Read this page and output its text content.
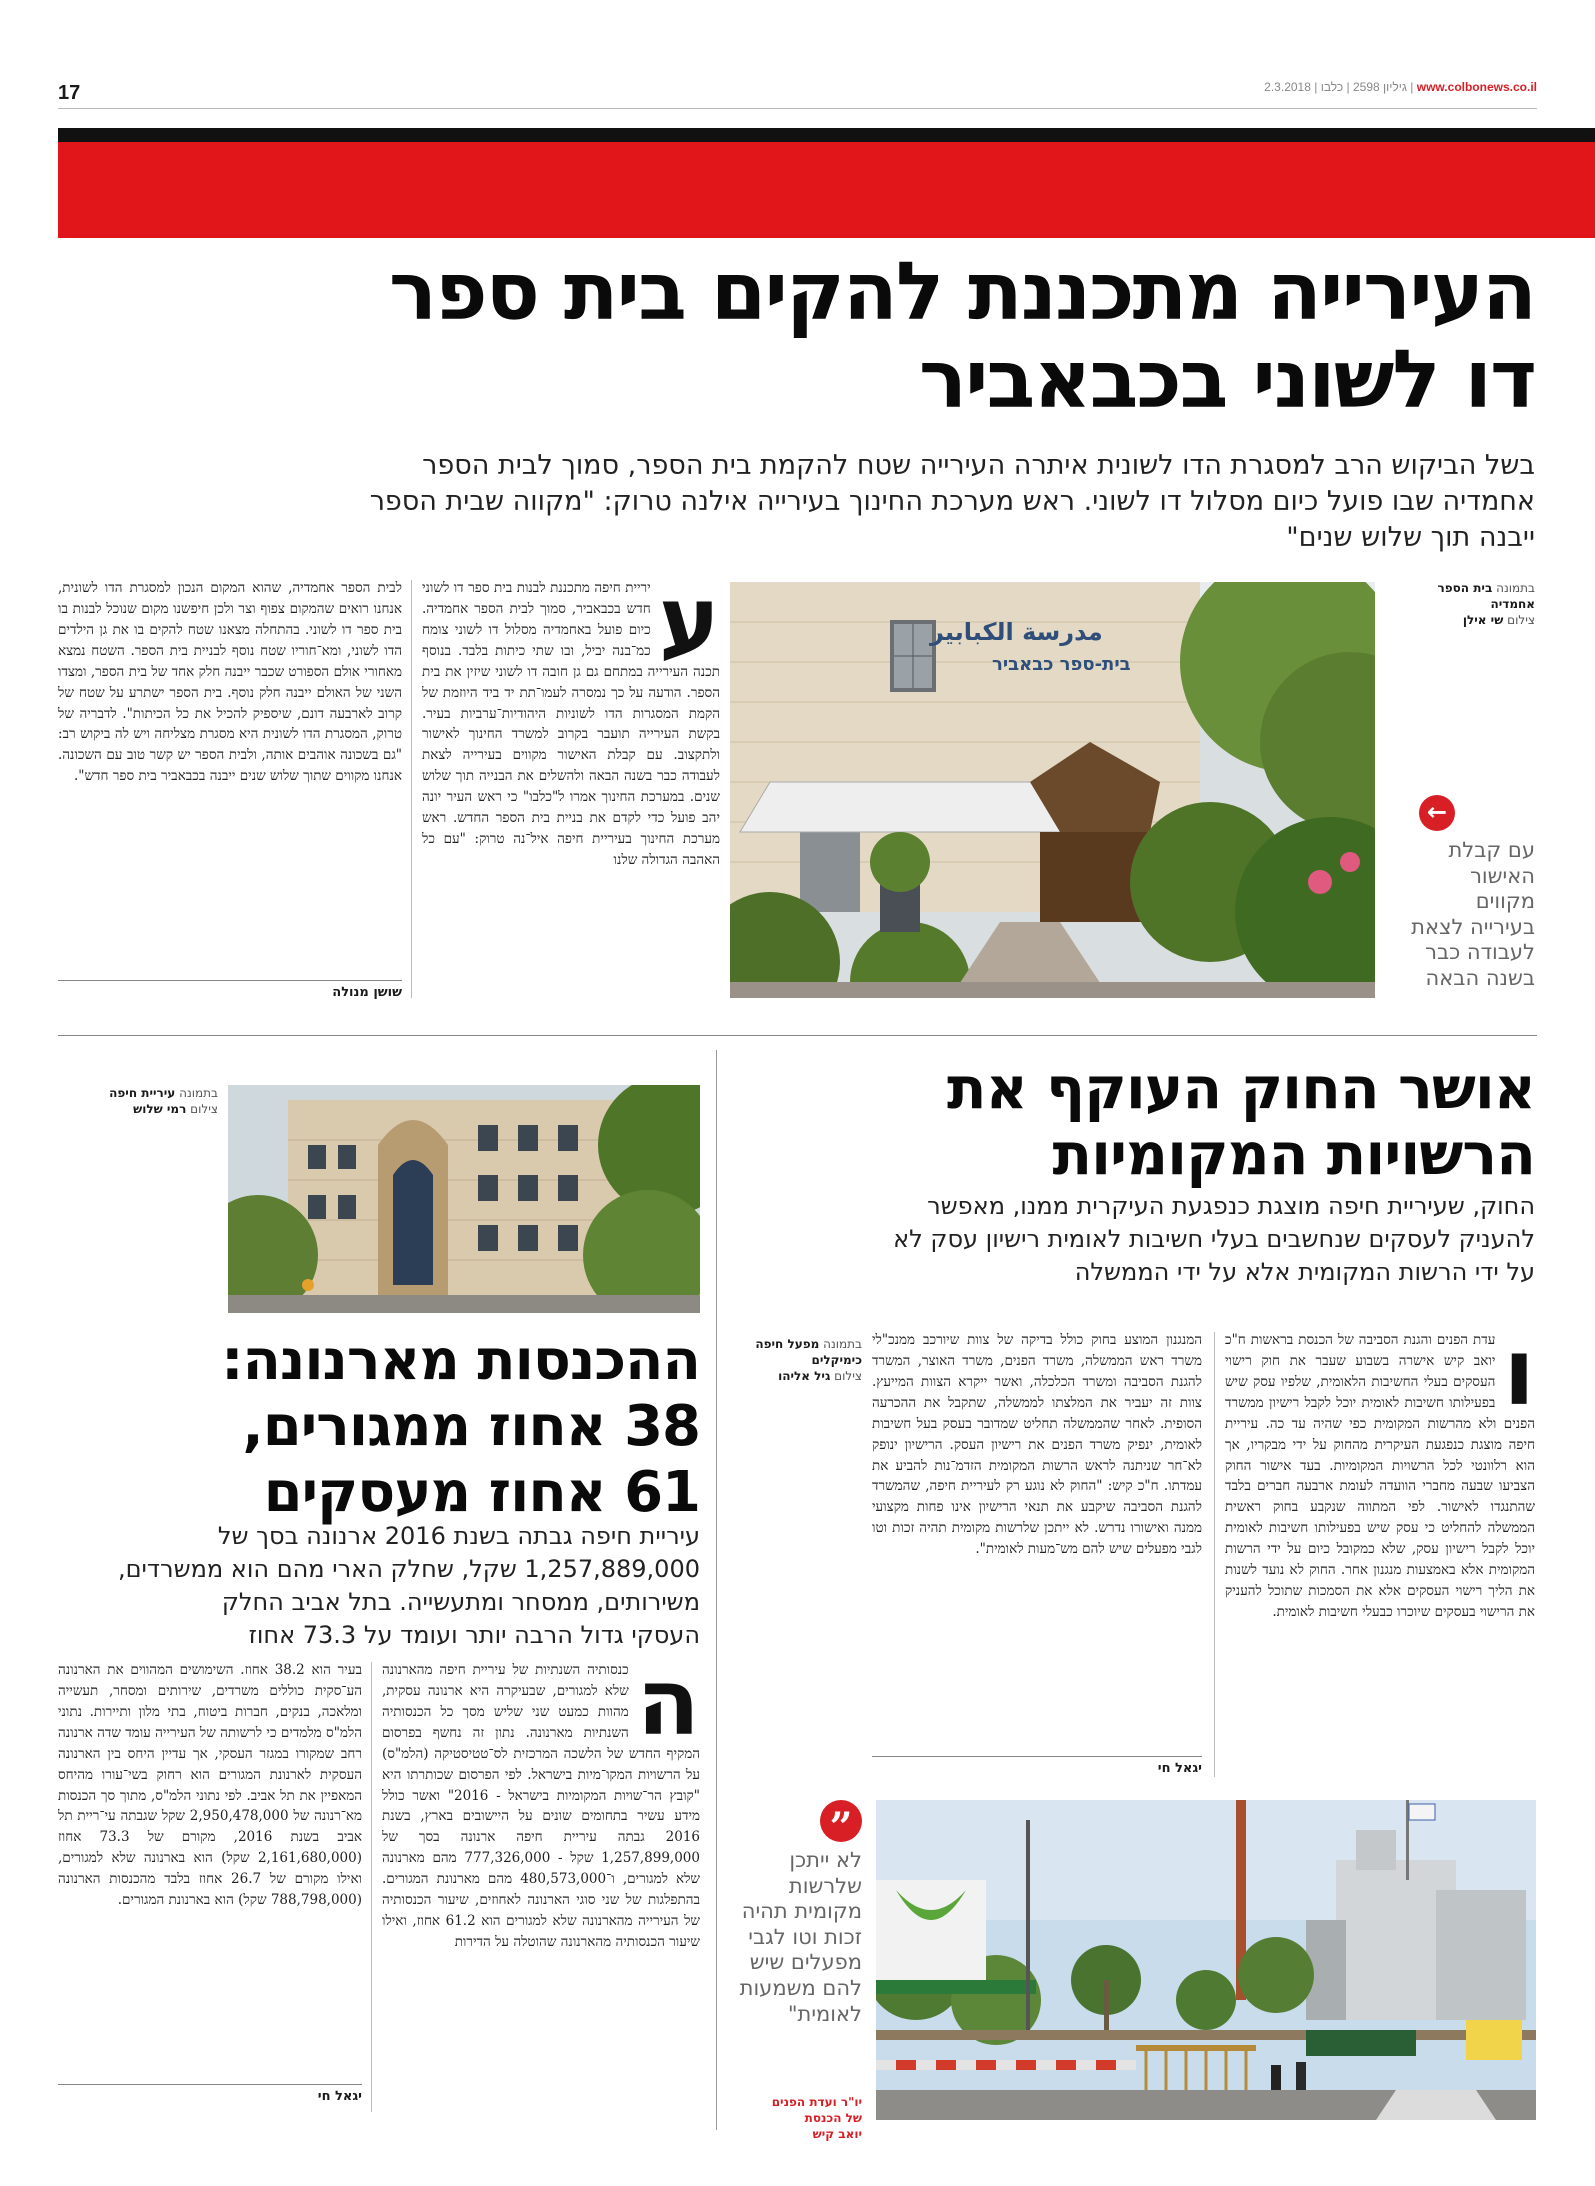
17	2.3.2018 |	גיליון 2598 | כלבו	| www.colbonews.co.il
העירייה מתכננת להקים בית ספר
דו לשוני בכבאביר
בשל הביקוש הרב למסגרת הדו לשונית איתרה העירייה שטח להקמת בית הספר, סמוך לבית הספר
אחמדיה שבו פועל כיום מסלול דו לשוני. ראש מערכת החינוך בעירייה אילנה טרוק: "מקווה שבית הספר
ייבנה תוך שלוש שנים"
בתמונה בית הספר אחמדיה
צילום שי אילן
←
עם קבלת האישור מקווים בעירייה לצאת לעבודה כבר בשנה הבאה
مدرسة الكبابير
בית-ספר כבאביר
ע
יריית חיפה מתכננת לבנות בית ספר דו לשוני חדש בכבאביר, סמוך לבית הספר אחמדיה. כיום פועל באחמדיה מסלול דו לשוני צומח כמ־בנה יביל, ובו שתי כיתות בלבד. בנוסף תכנה העירייה במתחם גם גן חובה דו לשוני שיזין את בית הספר. הודעה על כך נמסרה לעמו־תת יד ביד היוזמת של הקמת המסגרות הדו לשוניות היהודיות־ערביות בעיר. בקשת העירייה תועבר בקרוב למשרד החינוך לאישור ולתקצוב. עם קבלת האישור מקווים בעירייה לצאת לעבודה כבר בשנה הבאה ולהשלים את הבנייה תוך שלוש שנים. במערכת החינוך אמרו ל"כלבו" כי ראש העיר יונה יהב פועל כדי לקדם את בניית בית הספר החדש. ראש מערכת החינוך בעיריית חיפה איל־נה טרוק: "עם כל האהבה הגדולה שלנו
לבית הספר אחמדיה, שהוא המקום הנכון למסגרת הדו לשונית, אנחנו רואים שהמקום צפוף וצר ולכן חיפשנו מקום שנוכל לבנות בו בית ספר דו לשוני. בהתחלה מצאנו שטח להקים בו את גן הילדים הדו לשוני, ומא־חוריו שטח נוסף לבניית בית הספר. השטח נמצא מאחורי אולם הספורט שכבר ייבנה חלק אחד של בית הספר, ומצדו השני של האולם ייבנה חלק נוסף. בית הספר ישתרע על שטח של קרוב לארבעה דונם, שיספיק להכיל את כל הכיתות". לדבריה של טרוק, המסגרת הדו לשונית היא מסגרת מצליחה ויש לה ביקוש רב: "גם בשכונה אוהבים אותה, ולבית הספר יש קשר טוב עם השכונה. אנחנו מקווים שתוך שלוש שנים ייבנה בכבאביר בית ספר חדש".
שושן מנולה
בתמונה עיריית חיפה
צילום רמי שלוש
ההכנסות מארנונה:
38 אחוז ממגורים,
61 אחוז מעסקים
עיריית חיפה גבתה בשנת 2016 ארנונה בסך של
1,257,889,000 שקל, שחלק הארי מהם הוא ממשרדים,
משירותים, ממסחר ומתעשייה. בתל אביב החלק
העסקי גדול הרבה יותר ועומד על 73.3 אחוז
ה
כנסותיה השנתיות של עיריית חיפה מהארנונה שלא למגורים, שבעיקרה היא ארנונה עסקית, מהוות כמעט שני שליש מסך כל הכנסותיה השנתיות מארנונה. נתון זה נחשף בפרסום המקיף החדש של הלשכה המרכזית לס־טטיסטיקה (הלמ"ס) על הרשויות המקו־מיות בישראל. לפי הפרסום שכותרתו היא "קובץ הר־שויות המקומיות בישראל - 2016" ואשר כולל מידע עשיר בתחומים שונים על היישובים בארץ, בשנת 2016 גבתה עיריית חיפה ארנונה בסך של 1,257,899,000 שקל - 777,326,000 מהם מארנונה שלא למגורים, ו־480,573,000 מהם מארנונת המגורים. בהתפלגות של שני סוגי הארנונה לאחוזים, שיעור הכנסותיה של העירייה מהארנונה שלא למגורים הוא 61.2 אחוז, ואילו שיעור הכנסותיה מהארנונה שהוטלה על הדירות
בעיר הוא 38.2 אחוז. השימושים המהווים את הארנונה הע־סקית כוללים משרדים, שירותים ומסחר, תעשייה ומלאכה, בנקים, חברות ביטוח, בתי מלון ותיירות. נתוני הלמ"ס מלמדים כי לרשותה של העירייה עומד שדה ארנונה רחב שמקורו במגזר העסקי, אך עדיין היחס בין הארנונה העסקית לארנונת המגורים הוא רחוק בשי־עורו מהיחס המאפיין את תל אביב. לפי נתוני הלמ"ס, מתוך סך הכנסות מא־רנונה של 2,950,478,000 שקל שגבתה עי־ריית תל אביב בשנת 2016, מקורם של 73.3 אחוז (2,161,680,000 שקל) הוא בארנונה שלא למגורים, ואילו מקורם של 26.7 אחוז בלבד מהכנסות הארנונה (788,798,000 שקל) הוא בארנונת המגורים.
יגאל חי
אושר החוק העוקף את
הרשויות המקומיות
החוק, שעיריית חיפה מוצגת כנפגעת העיקרית ממנו, מאפשר
להעניק לעסקים שנחשבים בעלי חשיבות לאומית רישיון עסק לא
על ידי הרשות המקומית אלא על ידי הממשלה
ו
עדת הפנים והגנת הסביבה של הכנסת בראשות ח"כ יואב קיש אישרה בשבוע שעבר את חוק רישוי העסקים בעלי החשיבות הלאומית, שלפיו עסק שיש בפעילותו חשיבות לאומית יוכל לקבל רישיון ממשרד הפנים ולא מהרשות המקומית כפי שהיה עד כה. עיריית חיפה מוצגת כנפגעת העיקרית מהחוק על ידי מבקריו, אך הוא רלוונטי לכל הרשויות המקומיות. בעד אישור החוק הצביעו שבעה מחברי הוועדה לעומת ארבעה חברים בלבד שהתנגדו לאישור. לפי המתווה שנקבע בחוק ראשית הממשלה להחליט כי עסק שיש בפעילותו חשיבות לאומית יוכל לקבל רישיון עסק, שלא כמקובל כיום על ידי הרשות המקומית אלא באמצעות מנגנון אחר. החוק לא נועד לשנות את הליך רישוי העסקים אלא את הסמכות שתוכל להעניק את הרישוי בעסקים שיוכרו כבעלי חשיבות לאומית.
המנגנון המוצע בחוק כולל בדיקה של צוות שיורכב ממנכ"לי משרד ראש הממשלה, משרד הפנים, משרד האוצר, המשרד להגנת הסביבה ומשרד הכלכלה, ואשר ייקרא הצוות המייעץ. צוות זה יעביר את המלצתו לממשלה, שתקבל את ההכרעה הסופית. לאחר שהממשלה תחליט שמדובר בעסק בעל חשיבות לאומית, ינפיק משרד הפנים את רישיון העסק. הרישיון ינופק לא־חר שניתנה לראש הרשות המקומית הזדמ־נות להביע את עמדתו. ח"כ קיש: "החוק לא נוגע רק לעיריית חיפה, שהמשרד להגנת הסביבה שיקבע את תנאי הרישיון אינו פחות מקצועי ממנה ואישורו נדרש. לא ייתכן שלרשות מקומית תהיה זכות וטו לגבי מפעלים שיש להם מש־מעות לאומית".
יגאל חי
בתמונה מפעל חיפה כימיקלים
צילום גיל אליהו
”
לא ייתכן שלרשות מקומית תהיה זכות וטו לגבי מפעלים שיש להם משמעות לאומית"
יו"ר ועדת הפנים
של הכנסת
יואב קיש
